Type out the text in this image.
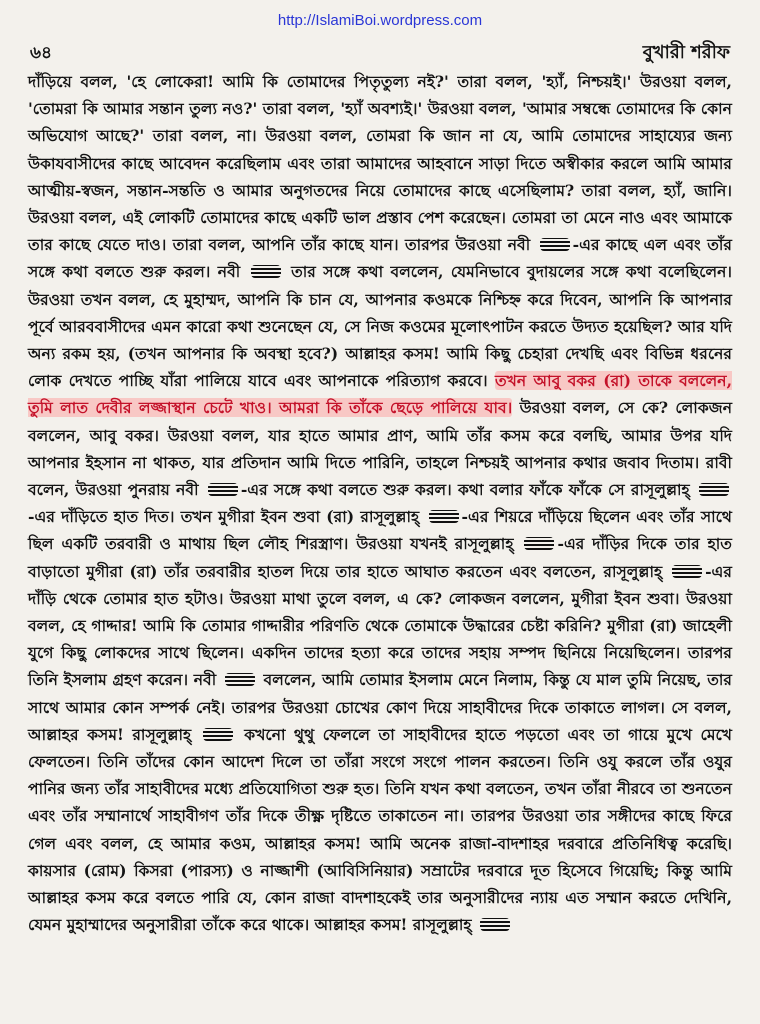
http://IslamiBoi.wordpress.com
৬৪	বুখারী শরীফ
দাঁড়িয়ে বলল, 'হে লোকেরা! আমি কি তোমাদের পিতৃতুল্য নই?' তারা বলল, 'হ্যাঁ, নিশ্চয়ই।' উরওয়া বলল, 'তোমরা কি আমার সন্তান তুল্য নও?' তারা বলল, 'হ্যাঁ অবশ্যই।' উরওয়া বলল, 'আমার সম্বন্ধে তোমাদের কি কোন অভিযোগ আছে?' তারা বলল, না। উরওয়া বলল, তোমরা কি জান না যে, আমি তোমাদের সাহায্যের জন্য উকাযবাসীদের কাছে আবেদন করেছিলাম এবং তারা আমাদের আহবানে সাড়া দিতে অস্বীকার করলে আমি আমার আত্মীয়-স্বজন, সন্তান-সন্ততি ও আমার অনুগতদের নিয়ে তোমাদের কাছে এসেছিলাম? তারা বলল, হ্যাঁ, জানি। উরওয়া বলল, এই লোকটি তোমাদের কাছে একটি ভাল প্রস্তাব পেশ করেছেন। তোমরা তা মেনে নাও এবং আমাকে তার কাছে যেতে দাও। তারা বলল, আপনি তাঁর কাছে যান। তারপর উরওয়া নবী	-এর কাছে এল এবং তাঁর সঙ্গে কথা বলতে শুরু করল। নবী	তার সঙ্গে কথা বললেন, যেমনিভাবে বুদায়লের সঙ্গে কথা বলেছিলেন। উরওয়া তখন বলল, হে মুহাম্মদ, আপনি কি চান যে, আপনার কওমকে নিশ্চিহ্ন করে দিবেন, আপনি কি আপনার পূর্বে আরববাসীদের এমন কারো কথা শুনেছেন যে, সে নিজ কওমের মূলোৎপাটন করতে উদ্যত হয়েছিল? আর যদি অন্য রকম হয়, (তখন আপনার কি অবস্থা হবে?) আল্লাহর কসম! আমি কিছু চেহারা দেখছি এবং বিভিন্ন ধরনের লোক দেখতে পাচ্ছি যাঁরা পালিয়ে যাবে এবং আপনাকে পরিত্যাগ করবে। তখন আবু বকর (রা) তাকে বললেন, তুমি লাত দেবীর লজ্জাস্থান চেটে খাও। আমরা কি তাঁকে ছেড়ে পালিয়ে যাব। উরওয়া বলল, সে কে? লোকজন বললেন, আবু বকর। উরওয়া বলল, যার হাতে আমার প্রাণ, আমি তাঁর কসম করে বলছি, আমার উপর যদি আপনার ইহসান না থাকত, যার প্রতিদান আমি দিতে পারিনি, তাহলে নিশ্চয়ই আপনার কথার জবাব দিতাম। রাবী বলেন, উরওয়া পুনরায় নবী	-এর সঙ্গে কথা বলতে শুরু করল। কথা বলার ফাঁকে ফাঁকে সে রাসূলুল্লাহ্ -এর দাঁড়িতে হাত দিত। তখন মুগীরা ইবন শুবা (রা) রাসূলুল্লাহ্	-এর শিয়রে দাঁড়িয়ে ছিলেন এবং তাঁর সাথে ছিল একটি তরবারী ও মাথায় ছিল লৌহ শিরস্ত্রাণ। উরওয়া যখনই রাসূলুল্লাহ্	-এর দাঁড়ির দিকে তার হাত বাড়াতো মুগীরা (রা) তাঁর তরবারীর হাতল দিয়ে তার হাতে আঘাত করতেন এবং বলতেন, রাসূলুল্লাহ্	-এর দাঁড়ি থেকে তোমার হাত হটাও। উরওয়া মাথা তুলে বলল, এ কে? লোকজন বললেন, মুগীরা ইবন শুবা। উরওয়া বলল, হে গাদ্দার! আমি কি তোমার গাদ্দারীর পরিণতি থেকে তোমাকে উদ্ধারের চেষ্টা করিনি? মুগীরা (রা) জাহেলী যুগে কিছু লোকদের সাথে ছিলেন। একদিন তাদের হত্যা করে তাদের সহায় সম্পদ ছিনিয়ে নিয়েছিলেন। তারপর তিনি ইসলাম গ্রহণ করেন। নবী	বললেন, আমি তোমার ইসলাম মেনে নিলাম, কিন্তু যে মাল তুমি নিয়েছ, তার সাথে আমার কোন সম্পর্ক নেই। তারপর উরওয়া চোখের কোণ দিয়ে সাহাবীদের দিকে তাকাতে লাগল। সে বলল, আল্লাহর কসম! রাসূলুল্লাহ্	কখনো থুথু ফেললে তা সাহাবীদের হাতে পড়তো এবং তা গায়ে মুখে মেখে ফেলতেন। তিনি তাঁদের কোন আদেশ দিলে তা তাঁরা সংগে সংগে পালন করতেন। তিনি ওযু করলে তাঁর ওযুর পানির জন্য তাঁর সাহাবীদের মধ্যে প্রতিযোগিতা শুরু হত। তিনি যখন কথা বলতেন, তখন তাঁরা নীরবে তা শুনতেন এবং তাঁর সম্মানার্থে সাহাবীগণ তাঁর দিকে তীক্ষ্ণ দৃষ্টিতে তাকাতেন না। তারপর উরওয়া তার সঙ্গীদের কাছে ফিরে গেল এবং বলল, হে আমার কওম, আল্লাহর কসম! আমি অনেক রাজা-বাদশাহর দরবারে প্রতিনিধিত্ব করেছি। কায়সার (রোম) কিসরা (পারস্য) ও নাজ্জাশী (আবিসিনিয়ার) সম্রাটের দরবারে দূত হিসেবে গিয়েছি; কিন্তু আমি আল্লাহর কসম করে বলতে পারি যে, কোন রাজা বাদশাহকেই তার অনুসারীদের ন্যায় এত সম্মান করতে দেখিনি, যেমন মুহাম্মাদের অনুসারীরা তাঁকে করে থাকে। আল্লাহর কসম! রাসূলুল্লাহ্
